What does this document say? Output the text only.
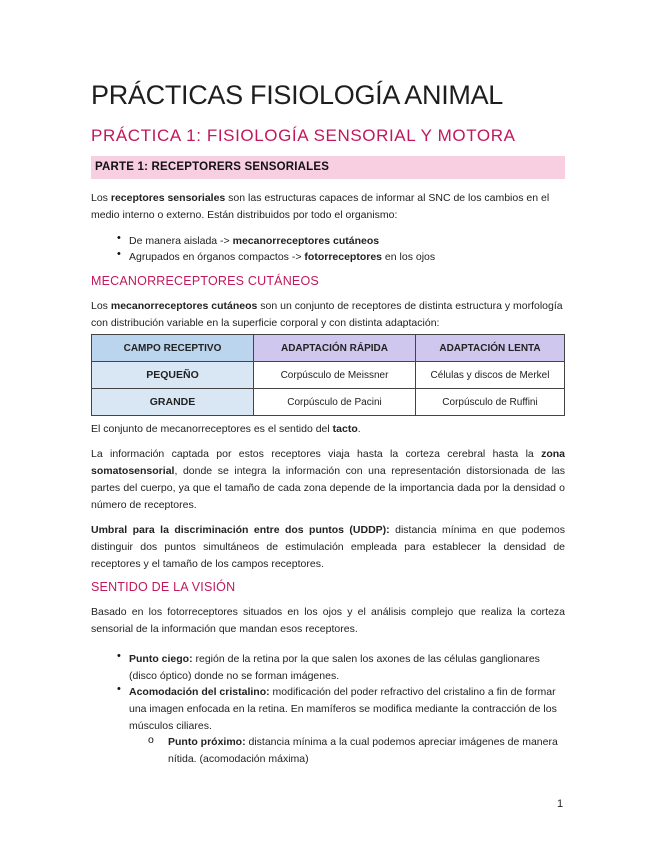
PRÁCTICAS FISIOLOGÍA ANIMAL
PRÁCTICA 1: FISIOLOGÍA SENSORIAL Y MOTORA
PARTE 1: RECEPTORERS SENSORIALES
Los receptores sensoriales son las estructuras capaces de informar al SNC de los cambios en el medio interno o externo. Están distribuidos por todo el organismo:
• De manera aislada -> mecanorreceptores cutáneos
• Agrupados en órganos compactos -> fotorreceptores en los ojos
MECANORRECEPTORES CUTÁNEOS
Los mecanorreceptores cutáneos son un conjunto de receptores de distinta estructura y morfología con distribución variable en la superficie corporal y con distinta adaptación:
CAMPO RECEPTIVO	ADAPTACIÓN RÁPIDA	ADAPTACIÓN LENTA
PEQUEÑO	Corpúsculo de Meissner	Células y discos de Merkel
GRANDE	Corpúsculo de Pacini	Corpúsculo de Ruffini
El conjunto de mecanorreceptores es el sentido del tacto.
La información captada por estos receptores viaja hasta la corteza cerebral hasta la zona somatosensorial, donde se integra la información con una representación distorsionada de las partes del cuerpo, ya que el tamaño de cada zona depende de la importancia dada por la densidad o número de receptores.
Umbral para la discriminación entre dos puntos (UDDP): distancia mínima en que podemos distinguir dos puntos simultáneos de estimulación empleada para establecer la densidad de receptores y el tamaño de los campos receptores.
SENTIDO DE LA VISIÓN
Basado en los fotorreceptores situados en los ojos y el análisis complejo que realiza la corteza sensorial de la información que mandan esos receptores.
• Punto ciego: región de la retina por la que salen los axones de las células ganglionares (disco óptico) donde no se forman imágenes.
• Acomodación del cristalino: modificación del poder refractivo del cristalino a fin de formar una imagen enfocada en la retina. En mamíferos se modifica mediante la contracción de los músculos ciliares.
o Punto próximo: distancia mínima a la cual podemos apreciar imágenes de manera nítida. (acomodación máxima)
1
